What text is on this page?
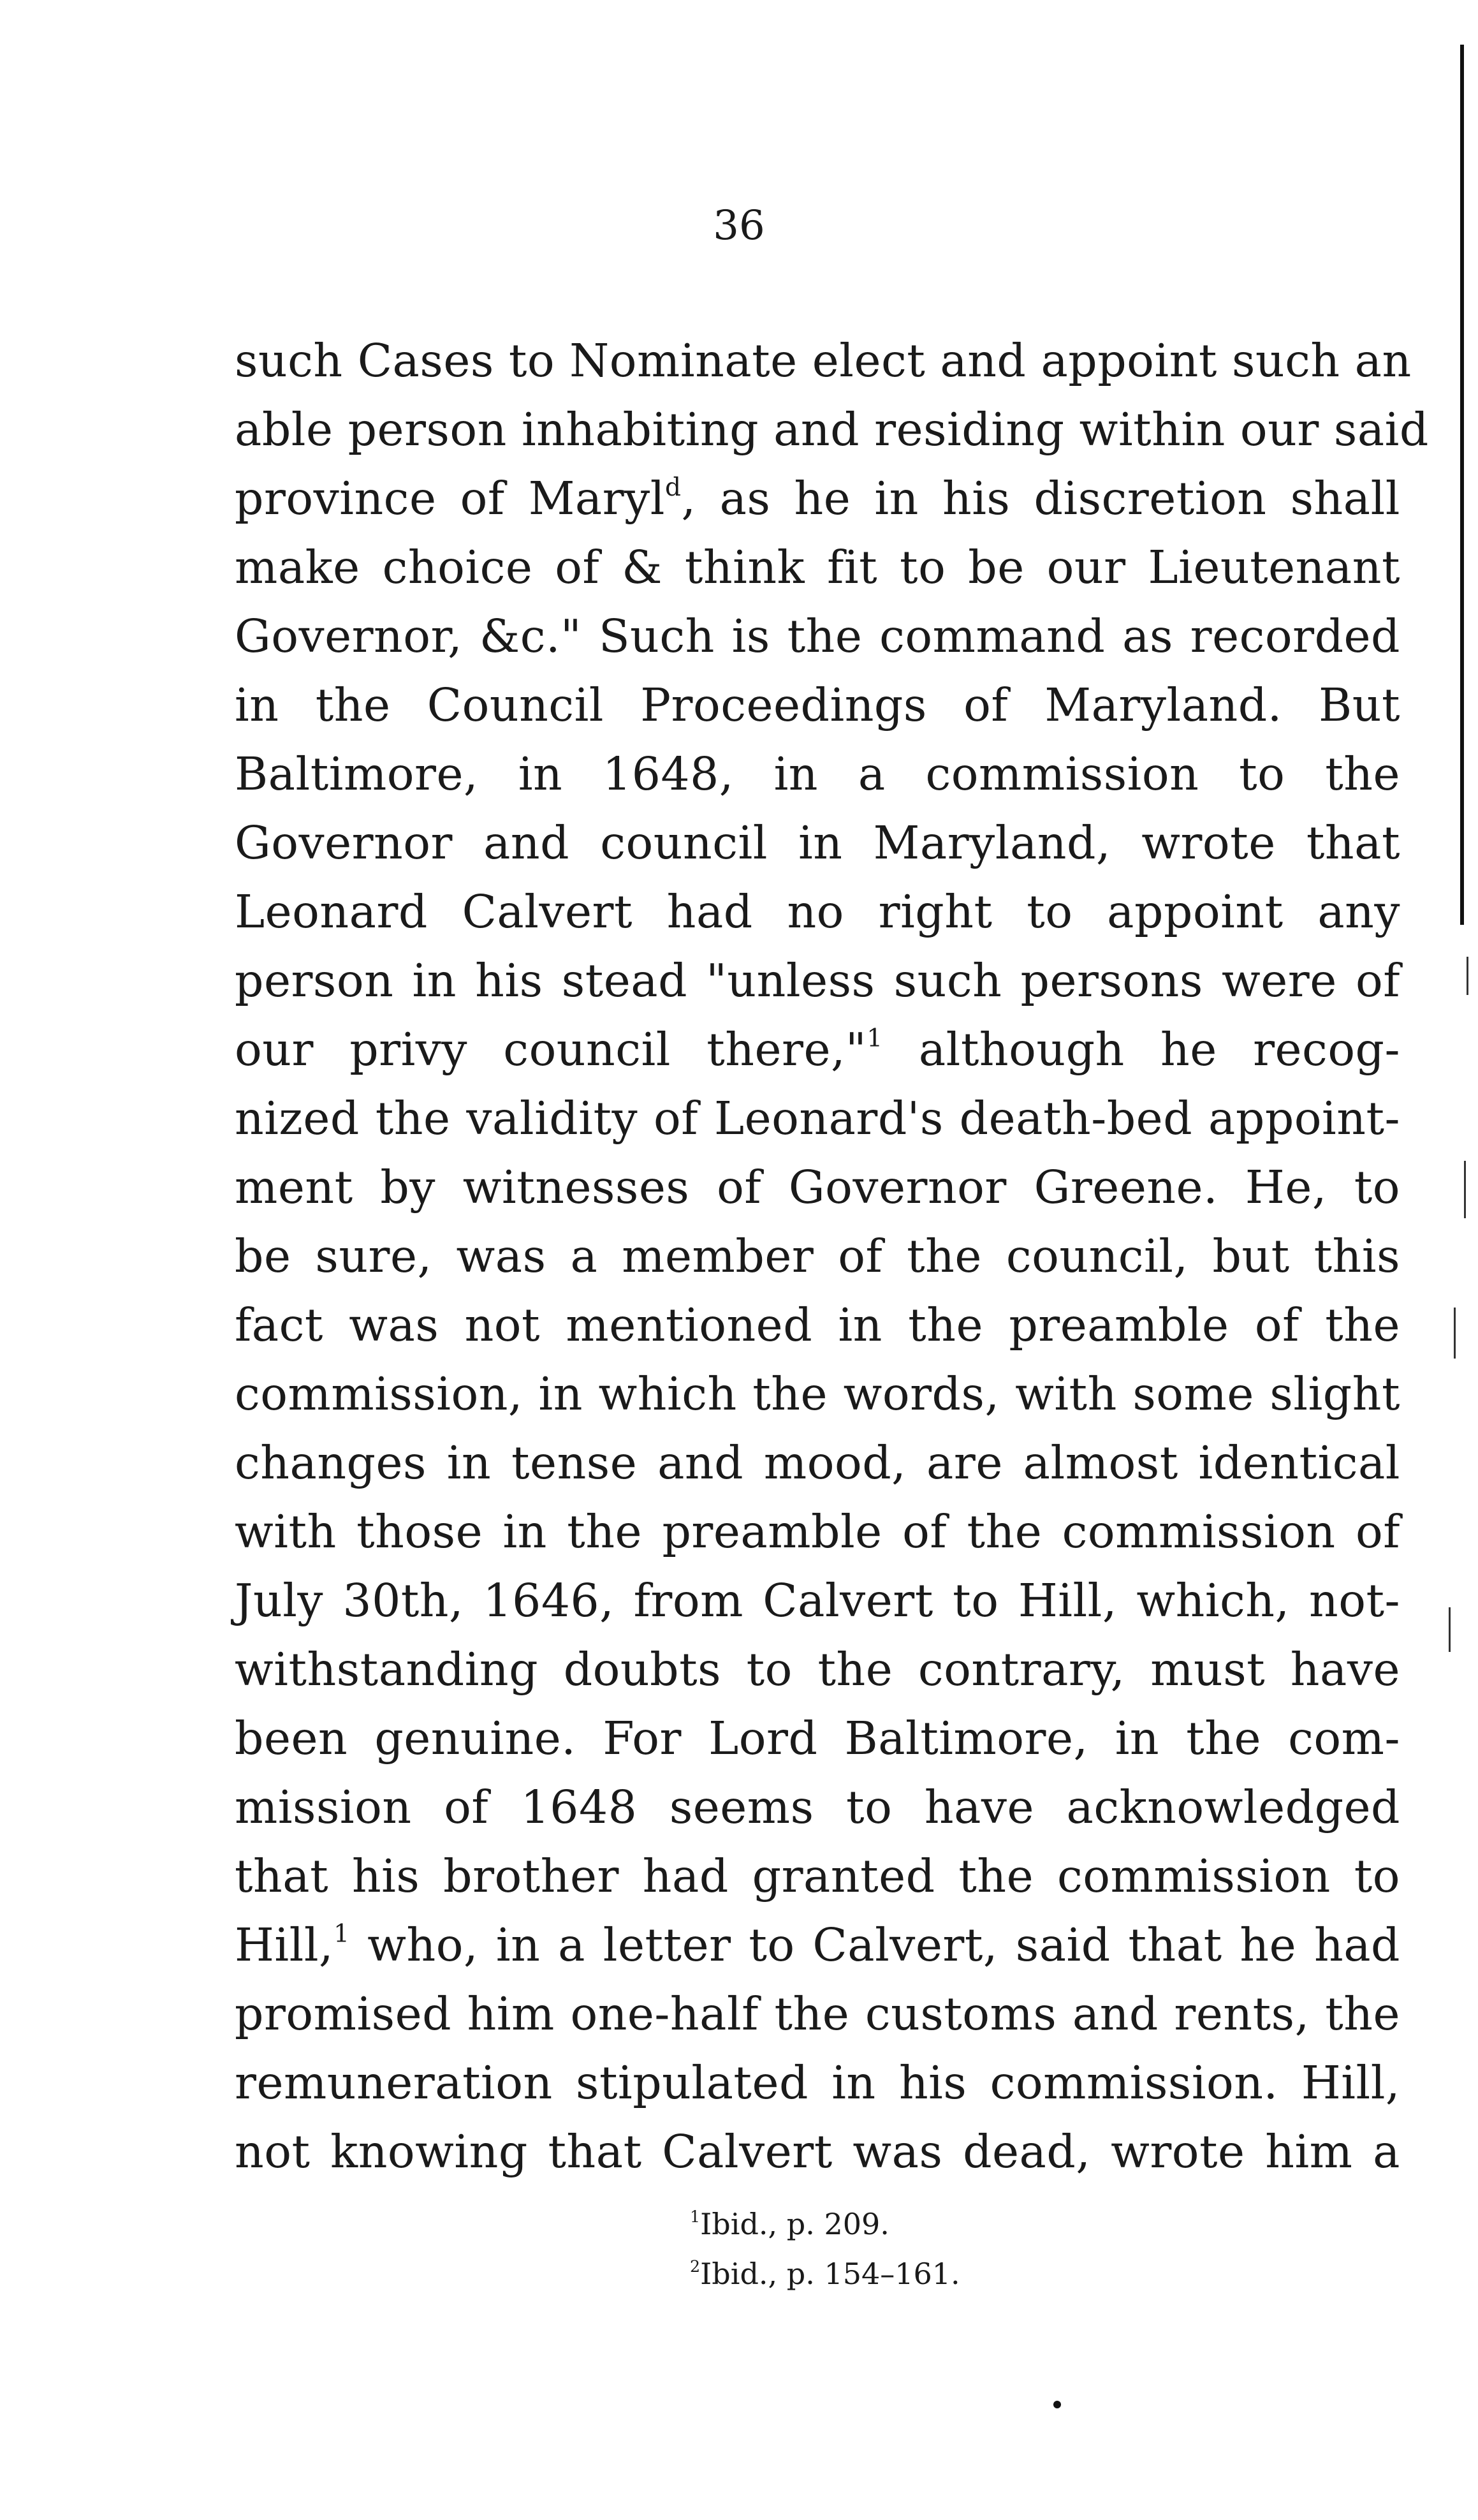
36
such Cases to Nominate elect and appoint such an
able person inhabiting and residing within our said
province of Maryl$^d$, as he in his discretion shall
make choice of & think fit to be our Lieutenant
Governor, &c." Such is the command as recorded
in the Council Proceedings of Maryland. But
Baltimore, in 1648, in a commission to the
Governor and council in Maryland, wrote that
Leonard Calvert had no right to appoint any
person in his stead "unless such persons were of
our privy council there,"$^1$ although he recog-
nized the validity of Leonard's death-bed appoint-
ment by witnesses of Governor Greene. He, to
be sure, was a member of the council, but this
fact was not mentioned in the preamble of the
commission, in which the words, with some slight
changes in tense and mood, are almost identical
with those in the preamble of the commission of
July 30th, 1646, from Calvert to Hill, which, not-
withstanding doubts to the contrary, must have
been genuine. For Lord Baltimore, in the com-
mission of 1648 seems to have acknowledged
that his brother had granted the commission to
Hill,$^1$ who, in a letter to Calvert, said that he had
promised him one-half the customs and rents, the
remuneration stipulated in his commission. Hill,
not knowing that Calvert was dead, wrote him a
$^1$Ibid., p. 209.
$^2$Ibid., p. 154–161.
